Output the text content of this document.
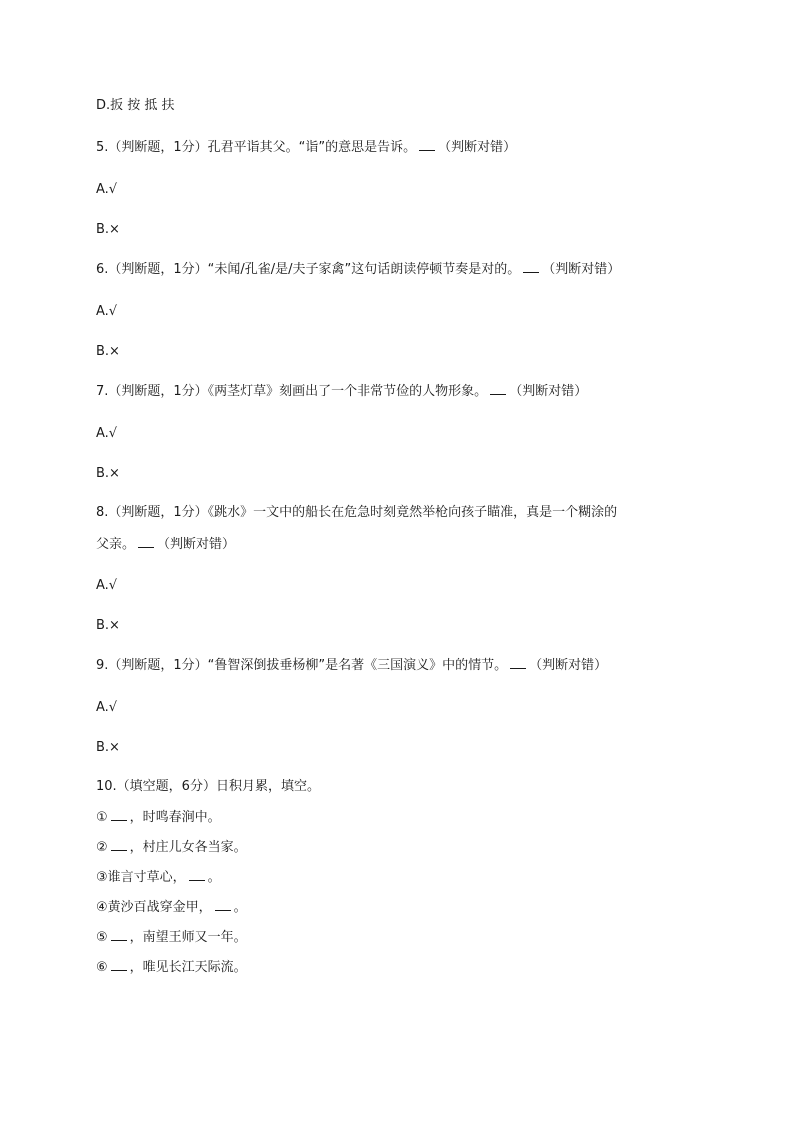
D.扳 按 抵 扶
5.（判断题，1分）孔君平诣其父。“诣”的意思是告诉。 （判断对错）
A.√
B.×
6.（判断题，1分）“未闻/孔雀/是/夫子家禽”这句话朗读停顿节奏是对的。 （判断对错）
A.√
B.×
7.（判断题，1分）《两茎灯草》刻画出了一个非常节俭的人物形象。 （判断对错）
A.√
B.×
8.（判断题，1分）《跳水》一文中的船长在危急时刻竟然举枪向孩子瞄准，真是一个糊涂的
父亲。 （判断对错）
A.√
B.×
9.（判断题，1分）“鲁智深倒拔垂杨柳”是名著《三国演义》中的情节。 （判断对错）
A.√
B.×
10.（填空题，6分）日积月累，填空。
① ，时鸣春涧中。
② ，村庄儿女各当家。
③谁言寸草心， 。
④黄沙百战穿金甲， 。
⑤ ，南望王师又一年。
⑥ ，唯见长江天际流。
